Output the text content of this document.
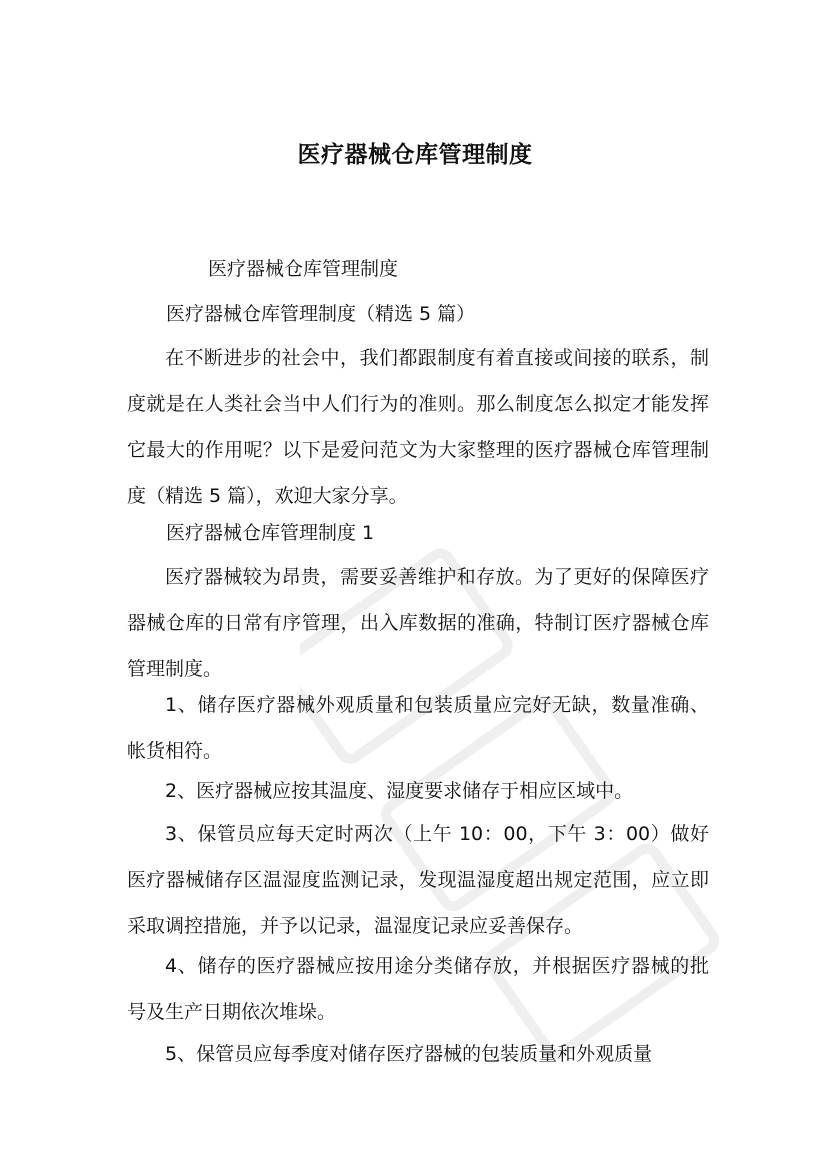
医疗器械仓库管理制度

医疗器械仓库管理制度

医疗器械仓库管理制度（精选 5 篇）

在不断进步的社会中，我们都跟制度有着直接或间接的联系，制度就是在人类社会当中人们行为的准则。那么制度怎么拟定才能发挥它最大的作用呢？以下是爱问范文为大家整理的医疗器械仓库管理制度（精选 5 篇），欢迎大家分享。

医疗器械仓库管理制度 1

医疗器械较为昂贵，需要妥善维护和存放。为了更好的保障医疗器械仓库的日常有序管理，出入库数据的准确，特制订医疗器械仓库管理制度。

1、储存医疗器械外观质量和包装质量应完好无缺，数量准确、帐货相符。

2、医疗器械应按其温度、湿度要求储存于相应区域中。

3、保管员应每天定时两次（上午 10：00，下午 3：00）做好医疗器械储存区温湿度监测记录，发现温湿度超出规定范围，应立即采取调控措施，并予以记录，温湿度记录应妥善保存。

4、储存的医疗器械应按用途分类储存放，并根据医疗器械的批号及生产日期依次堆垛。

5、保管员应每季度对储存医疗器械的包装质量和外观质量
